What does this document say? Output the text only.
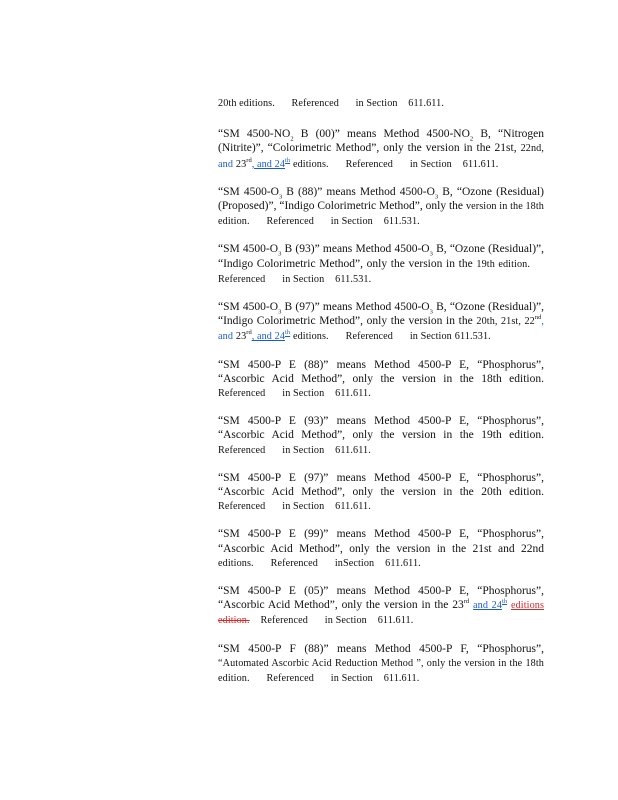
20th editions. Referenced in Section 611.611.

“SM $4500-NO_2$ B (00)” means Method $4500-NO_2$ B, “Nitrogen (Nitrite)”, “Colorimetric Method”, only the version in the 21st, 22nd, and 23rd, and 24th editions. Referenced in Section 611.611.

“SM $4500-O_3$ B (88)” means Method $4500-O_3$ B, “Ozone (Residual) (Proposed)”, “Indigo Colorimetric Method”, only the version in the 18th edition. Referenced in Section 611.531.

“SM $4500-O_3$ B (93)” means Method $4500-O_3$ B, “Ozone (Residual)”, “Indigo Colorimetric Method”, only the version in the 19th edition. Referenced in Section 611.531.

“SM $4500-O_3$ B (97)” means Method $4500-O_3$ B, “Ozone (Residual)”, “Indigo Colorimetric Method”, only the version in the 20th, 21st, 22nd, and 23rd, and 24th editions. Referenced in Section 611.531.

“SM 4500-P E (88)” means Method 4500-P E, “Phosphorus”, “Ascorbic Acid Method”, only the version in the 18th edition. Referenced in Section 611.611.

“SM 4500-P E (93)” means Method 4500-P E, “Phosphorus”, “Ascorbic Acid Method”, only the version in the 19th edition. Referenced in Section 611.611.

“SM 4500-P E (97)” means Method 4500-P E, “Phosphorus”, “Ascorbic Acid Method”, only the version in the 20th edition. Referenced in Section 611.611.

“SM 4500-P E (99)” means Method 4500-P E, “Phosphorus”, “Ascorbic Acid Method”, only the version in the 21st and 22nd editions. Referenced inSection 611.611.

“SM 4500-P E (05)” means Method 4500-P E, “Phosphorus”, “Ascorbic Acid Method”, only the version in the 23rd and 24th editions edition. Referenced in Section 611.611.

“SM 4500-P F (88)” means Method 4500-P F, “Phosphorus”, “Automated Ascorbic Acid Reduction Method ”, only the version in the 18th edition. Referenced in Section 611.611.
